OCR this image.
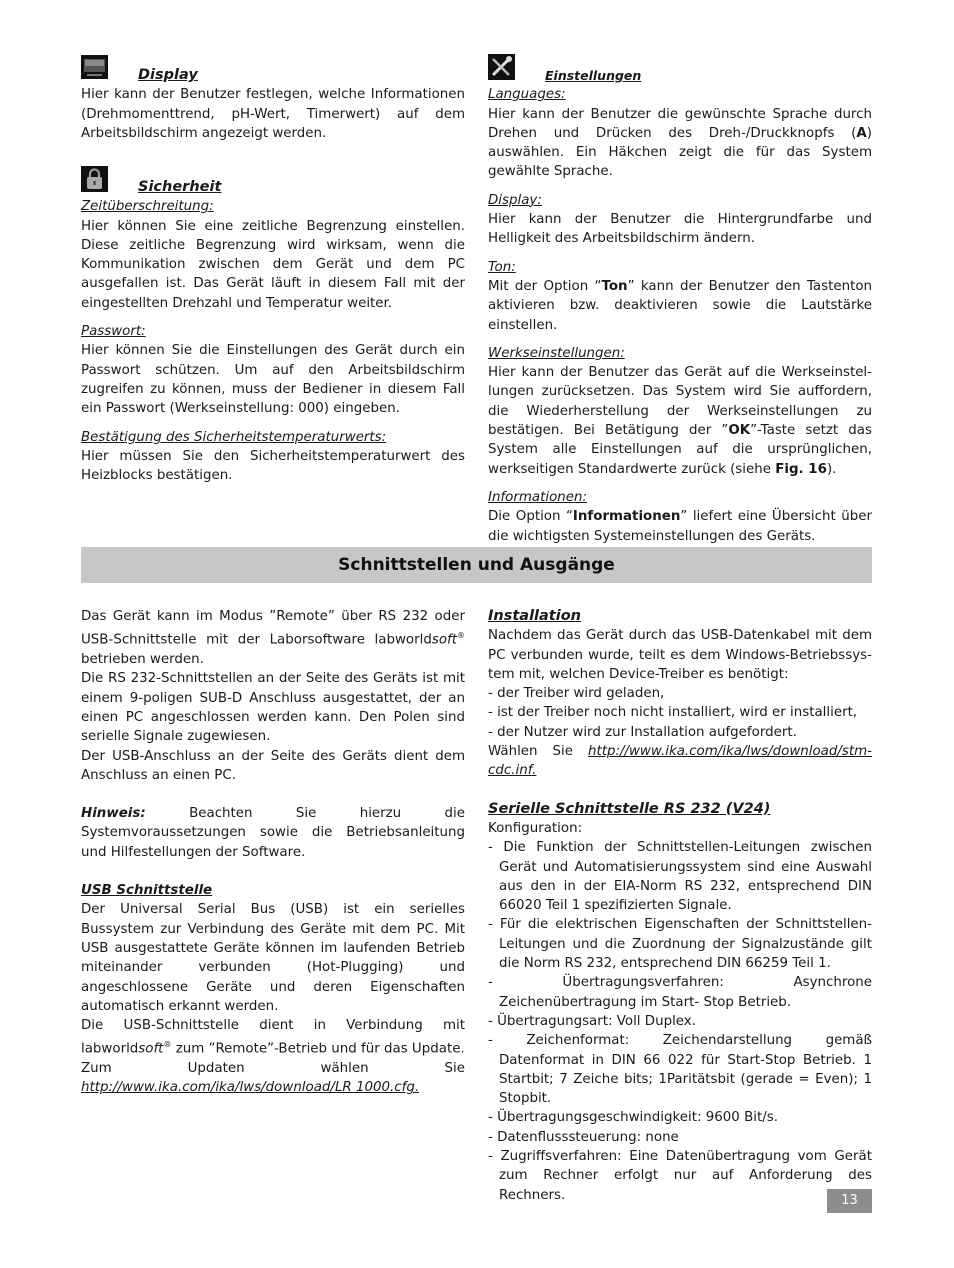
Display

Hier kann der Benutzer festlegen, welche Informationen (Drehmomenttrend, pH-Wert, Timerwert) auf dem Arbeitsbildschirm angezeigt werden.

Sicherheit
Zeitüberschreitung:

Hier können Sie eine zeitliche Begrenzung einstellen. Diese zeitliche Begrenzung wird wirksam, wenn die Kommunikation zwischen dem Gerät und dem PC ausgefallen ist. Das Gerät läuft in diesem Fall mit der eingestellten Drehzahl und Temperatur weiter.

Passwort:

Hier können Sie die Einstellungen des Gerät durch ein Passwort schützen. Um auf den Arbeitsbildschirm zugreifen zu können, muss der Bediener in diesem Fall ein Passwort (Werkseinstellung: 000) eingeben.

Bestätigung des Sicherheitstemperaturwerts:

Hier müssen Sie den Sicherheitstemperaturwert des Heizblocks bestätigen.

Einstellungen
Languages:

Hier kann der Benutzer die gewünschte Sprache durch Drehen und Drücken des Dreh-/Druckknopfs (A) auswählen. Ein Häkchen zeigt die für das System gewählte Sprache.

Display:

Hier kann der Benutzer die Hintergrundfarbe und Helligkeit des Arbeitsbildschirm ändern.

Ton:

Mit der Option “Ton” kann der Benutzer den Tastenton aktivieren bzw. deaktivieren sowie die Lautstärke einstellen.

Werkseinstellungen:

Hier kann der Benutzer das Gerät auf die Werkseinstellungen zurücksetzen. Das System wird Sie auffordern, die Wiederherstellung der Werkseinstellungen zu bestätigen. Bei Betätigung der ”OK”-Taste setzt das System alle Einstellungen auf die ursprünglichen, werkseitigen Standardwerte zurück (siehe Fig. 16).

Informationen:

Die Option “Informationen” liefert eine Übersicht über die wichtigsten Systemeinstellungen des Geräts.

Schnittstellen und Ausgänge

Das Gerät kann im Modus ”Remote” über RS 232 oder USB-Schnittstelle mit der Laborsoftware labworldsoft® betrieben werden.

Die RS 232-Schnittstellen an der Seite des Geräts ist mit einem 9-poligen SUB-D Anschluss ausgestattet, der an einen PC angeschlossen werden kann. Den Polen sind serielle Signale zugewiesen.

Der USB-Anschluss an der Seite des Geräts dient dem Anschluss an einen PC.

Hinweis: Beachten Sie hierzu die Systemvoraussetzungen sowie die Betriebsanleitung und Hilfestellungen der Software.

USB Schnittstelle

Der Universal Serial Bus (USB) ist ein serielles Bussystem zur Verbindung des Geräte mit dem PC. Mit USB ausgestattete Geräte können im laufenden Betrieb miteinander verbunden (Hot-Plugging) und angeschlossene Geräte und deren Eigenschaften automatisch erkannt werden.

Die USB-Schnittstelle dient in Verbindung mit labworldsoft® zum ”Remote”-Betrieb und für das Update.

Zum Updaten wählen Sie http://www.ika.com/ika/lws/download/LR 1000.cfg.

Installation

Nachdem das Gerät durch das USB-Datenkabel mit dem PC verbunden wurde, teilt es dem Windows-Betriebssystem mit, welchen Device-Treiber es benötigt:

- der Treiber wird geladen,
- ist der Treiber noch nicht installiert, wird er installiert,
- der Nutzer wird zur Installation aufgefordert.

Wählen Sie http://www.ika.com/ika/lws/download/stm-cdc.inf.

Serielle Schnittstelle RS 232 (V24)
Konfiguration:
- Die Funktion der Schnittstellen-Leitungen zwischen Gerät und Automatisierungssystem sind eine Auswahl aus den in der EIA-Norm RS 232, entsprechend DIN 66020 Teil 1 spezifizierten Signale.
- Für die elektrischen Eigenschaften der Schnittstellen- Leitungen und die Zuordnung der Signalzustände gilt die Norm RS 232, entsprechend DIN 66259 Teil 1.
- Übertragungsverfahren: Asynchrone Zeichenübertragung im Start- Stop Betrieb.
- Übertragungsart: Voll Duplex.
- Zeichenformat: Zeichendarstellung gemäß Datenformat in DIN 66 022 für Start-Stop Betrieb. 1 Startbit; 7 Zeiche bits; 1Paritätsbit (gerade = Even); 1 Stopbit.
- Übertragungsgeschwindigkeit: 9600 Bit/s.
- Datenflusssteuerung: none
- Zugriffsverfahren: Eine Datenübertragung vom Gerät zum Rechner erfolgt nur auf Anforderung des Rechners.	13
